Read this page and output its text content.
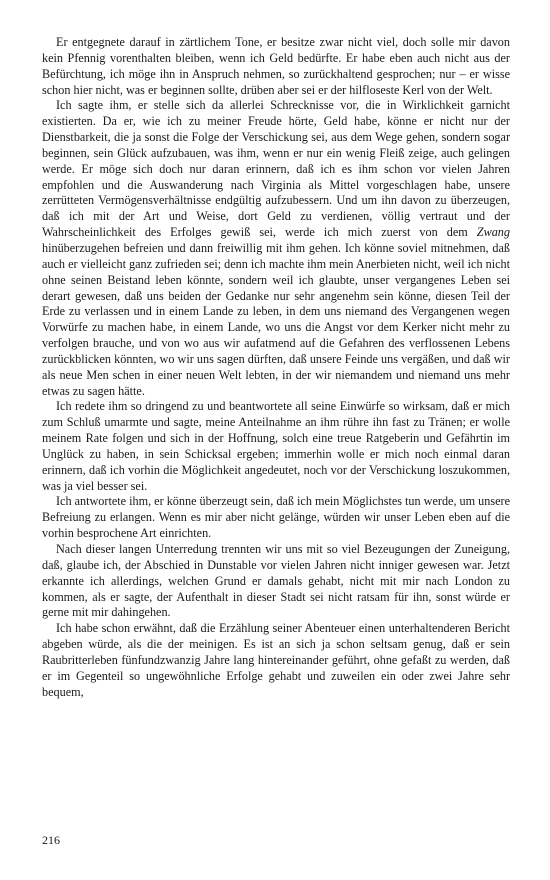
Er entgegnete darauf in zärtlichem Tone, er besitze zwar nicht viel, doch solle mir davon kein Pfennig vorenthalten bleiben, wenn ich Geld bedürfte. Er habe eben auch nicht aus der Befürchtung, ich möge ihn in Anspruch nehmen, so zurückhaltend gesprochen; nur – er wisse schon hier nicht, was er beginnen sollte, drüben aber sei er der hilfloseste Kerl von der Welt.

Ich sagte ihm, er stelle sich da allerlei Schrecknisse vor, die in Wirklichkeit garnicht existierten. Da er, wie ich zu meiner Freude hörte, Geld habe, könne er nicht nur der Dienstbarkeit, die ja sonst die Folge der Verschickung sei, aus dem Wege gehen, sondern sogar beginnen, sein Glück aufzubauen, was ihm, wenn er nur ein wenig Fleiß zeige, auch gelingen werde. Er möge sich doch nur daran erinnern, daß ich es ihm schon vor vielen Jahren empfohlen und die Auswanderung nach Virginia als Mittel vorgeschlagen habe, unsere zerrütteten Vermögensverhältnisse endgültig aufzubessern. Und um ihn davon zu überzeugen, daß ich mit der Art und Weise, dort Geld zu verdienen, völlig vertraut und der Wahrscheinlichkeit des Erfolges gewiß sei, werde ich mich zuerst von dem Zwang hinüberzugehen befreien und dann freiwillig mit ihm gehen. Ich könne soviel mitnehmen, daß auch er vielleicht ganz zufrieden sei; denn ich machte ihm mein Anerbieten nicht, weil ich nicht ohne seinen Beistand leben könnte, sondern weil ich glaubte, unser vergangenes Leben sei derart gewesen, daß uns beiden der Gedanke nur sehr angenehm sein könne, diesen Teil der Erde zu verlassen und in einem Lande zu leben, in dem uns niemand des Vergangenen wegen Vorwürfe zu machen habe, in einem Lande, wo uns die Angst vor dem Kerker nicht mehr zu verfolgen brauche, und von wo aus wir aufatmend auf die Gefahren des verflossenen Lebens zurückblicken könnten, wo wir uns sagen dürften, daß unsere Feinde uns vergäßen, und daß wir als neue Men schen in einer neuen Welt lebten, in der wir niemandem und niemand uns mehr etwas zu sagen hätte.

Ich redete ihm so dringend zu und beantwortete all seine Einwürfe so wirksam, daß er mich zum Schluß umarmte und sagte, meine Anteilnahme an ihm rühre ihn fast zu Tränen; er wolle meinem Rate folgen und sich in der Hoffnung, solch eine treue Ratgeberin und Gefährtin im Unglück zu haben, in sein Schicksal ergeben; immerhin wolle er mich noch einmal daran erinnern, daß ich vorhin die Möglichkeit angedeutet, noch vor der Verschickung loszukommen, was ja viel besser sei.

Ich antwortete ihm, er könne überzeugt sein, daß ich mein Möglichstes tun werde, um unsere Befreiung zu erlangen. Wenn es mir aber nicht gelänge, würden wir unser Leben eben auf die vorhin besprochene Art einrichten.

Nach dieser langen Unterredung trennten wir uns mit so viel Bezeugungen der Zuneigung, daß, glaube ich, der Abschied in Dunstable vor vielen Jahren nicht inniger gewesen war. Jetzt erkannte ich allerdings, welchen Grund er damals gehabt, nicht mit mir nach London zu kommen, als er sagte, der Aufenthalt in dieser Stadt sei nicht ratsam für ihn, sonst würde er gerne mit mir dahingehen.

Ich habe schon erwähnt, daß die Erzählung seiner Abenteuer einen unterhaltenderen Bericht abgeben würde, als die der meinigen. Es ist an sich ja schon seltsam genug, daß er sein Raubritterleben fünfundzwanzig Jahre lang hintereinander geführt, ohne gefaßt zu werden, daß er im Gegenteil so ungewöhnliche Erfolge gehabt und zuweilen ein oder zwei Jahre sehr bequem,

216
